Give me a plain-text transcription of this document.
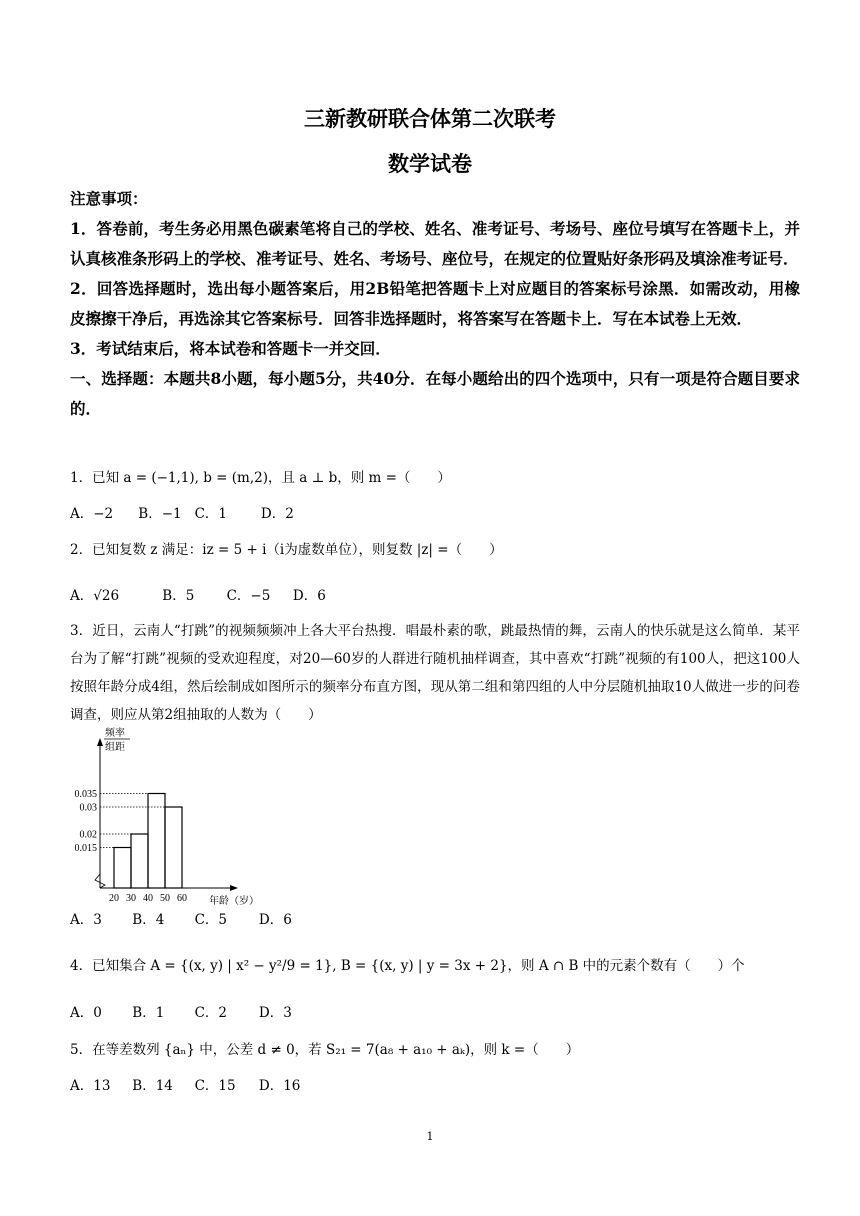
三新教研联合体第二次联考
数学试卷

注意事项：

1．答卷前，考生务必用黑色碳素笔将自己的学校、姓名、准考证号、考场号、座位号填写在答题卡上，并认真核准条形码上的学校、准考证号、姓名、考场号、座位号，在规定的位置贴好条形码及填涂准考证号．

2．回答选择题时，选出每小题答案后，用2B铅笔把答题卡上对应题目的答案标号涂黑．如需改动，用橡皮擦擦干净后，再选涂其它答案标号．回答非选择题时，将答案写在答题卡上．写在本试卷上无效．

3．考试结束后，将本试卷和答题卡一并交回．

一、选择题：本题共8小题，每小题5分，共40分．在每小题给出的四个选项中，只有一项是符合题目要求的．

1．已知 a = (−1,1), b = (m,2)，且 a ⊥ b，则 m =（　　）

A．−2 B．−1 C．1	D．2

2．已知复数 z 满足：iz = 5 + i（i为虚数单位），则复数 |z| =（　　）

A．√26	B．5 C．−5 D．6

3．近日，云南人“打跳”的视频频频冲上各大平台热搜．唱最朴素的歌，跳最热情的舞，云南人的快乐就是这么简单．某平台为了解“打跳”视频的受欢迎程度，对20—60岁的人群进行随机抽样调查，其中喜欢“打跳”视频的有100人，把这100人按照年龄分成4组，然后绘制成如图所示的频率分布直方图，现从第二组和第四组的人中分层随机抽取10人做进一步的问卷调查，则应从第2组抽取的人数为（　　）

频率
组距
年龄（岁）
0.015
0.02
0.03
0.035
20 30 40 50 60
A．3 B．4 C．5 D．6

4．已知集合 A = {(x, y) | x² − y²/9 = 1}, B = {(x, y) | y = 3x + 2}，则 A ∩ B 中的元素个数有（　　）个

A．0 B．1 C．2 D．3

5．在等差数列 {aₙ} 中，公差 d ≠ 0，若 S₂₁ = 7(a₈ + a₁₀ + aₖ)，则 k =（　　）

A．13 B．14 C．15 D．16
1
